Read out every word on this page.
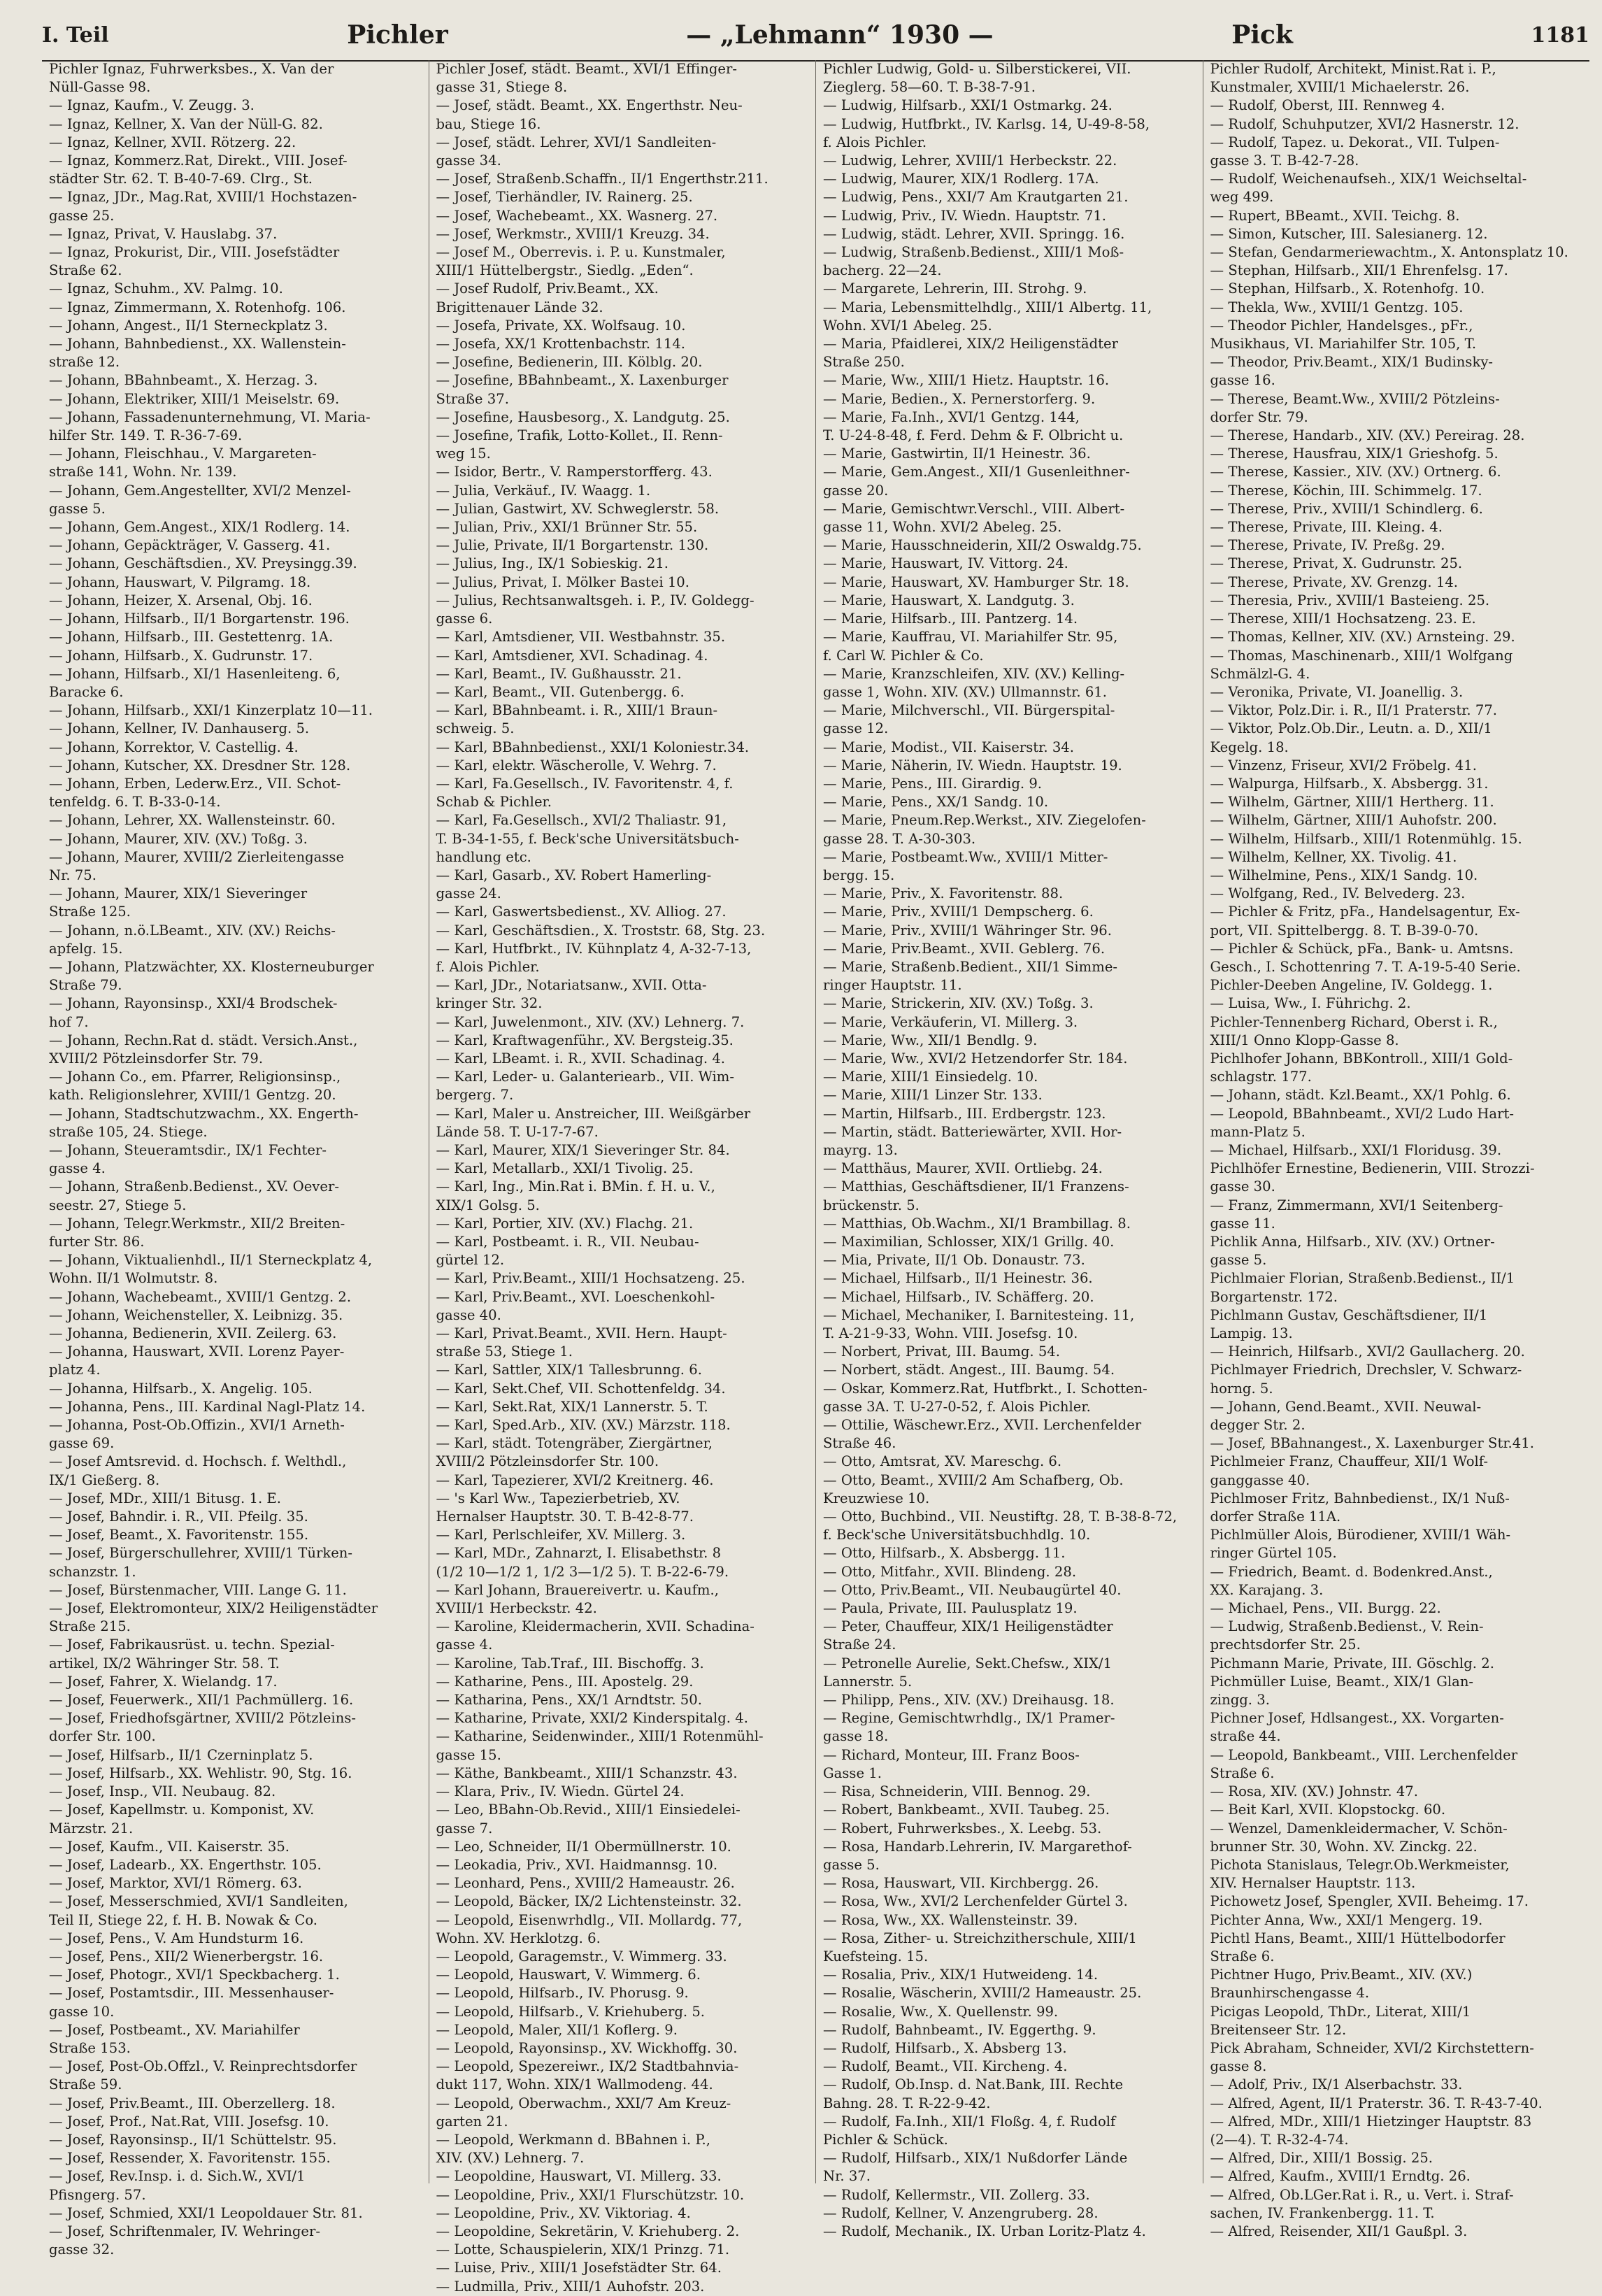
I. Teil	Pichler	— „Lehmann“ 1930 —	Pick	1181
Pichler Ignaz, Fuhrwerksbes., X. Van der
Nüll-Gasse 98.
— Ignaz, Kaufm., V. Zeugg. 3.
— Ignaz, Kellner, X. Van der Nüll-G. 82.
— Ignaz, Kellner, XVII. Rötzerg. 22.
— Ignaz, Kommerz.Rat, Direkt., VIII. Josef-
städter Str. 62. T. B-40-7-69. Clrg., St.
— Ignaz, JDr., Mag.Rat, XVIII/1 Hochstazen-
gasse 25.
— Ignaz, Privat, V. Hauslabg. 37.
— Ignaz, Prokurist, Dir., VIII. Josefstädter
Straße 62.
— Ignaz, Schuhm., XV. Palmg. 10.
— Ignaz, Zimmermann, X. Rotenhofg. 106.
— Johann, Angest., II/1 Sterneckplatz 3.
— Johann, Bahnbedienst., XX. Wallenstein-
straße 12.
— Johann, BBahnbeamt., X. Herzag. 3.
— Johann, Elektriker, XIII/1 Meiselstr. 69.
— Johann, Fassadenunternehmung, VI. Maria-
hilfer Str. 149. T. R-36-7-69.
— Johann, Fleischhau., V. Margareten-
straße 141, Wohn. Nr. 139.
— Johann, Gem.Angestellter, XVI/2 Menzel-
gasse 5.
— Johann, Gem.Angest., XIX/1 Rodlerg. 14.
— Johann, Gepäckträger, V. Gasserg. 41.
— Johann, Geschäftsdien., XV. Preysingg.39.
— Johann, Hauswart, V. Pilgramg. 18.
— Johann, Heizer, X. Arsenal, Obj. 16.
— Johann, Hilfsarb., II/1 Borgartenstr. 196.
— Johann, Hilfsarb., III. Gestettenrg. 1A.
— Johann, Hilfsarb., X. Gudrunstr. 17.
— Johann, Hilfsarb., XI/1 Hasenleiteng. 6,
Baracke 6.
— Johann, Hilfsarb., XXI/1 Kinzerplatz 10—11.
— Johann, Kellner, IV. Danhauserg. 5.
— Johann, Korrektor, V. Castellig. 4.
— Johann, Kutscher, XX. Dresdner Str. 128.
— Johann, Erben, Lederw.Erz., VII. Schot-
tenfeldg. 6. T. B-33-0-14.
— Johann, Lehrer, XX. Wallensteinstr. 60.
— Johann, Maurer, XIV. (XV.) Toßg. 3.
— Johann, Maurer, XVIII/2 Zierleitengasse
Nr. 75.
— Johann, Maurer, XIX/1 Sieveringer
Straße 125.
— Johann, n.ö.LBeamt., XIV. (XV.) Reichs-
apfelg. 15.
— Johann, Platzwächter, XX. Klosterneuburger
Straße 79.
— Johann, Rayonsinsp., XXI/4 Brodschek-
hof 7.
— Johann, Rechn.Rat d. städt. Versich.Anst.,
XVIII/2 Pötzleinsdorfer Str. 79.
— Johann Co., em. Pfarrer, Religionsinsp.,
kath. Religionslehrer, XVIII/1 Gentzg. 20.
— Johann, Stadtschutzwachm., XX. Engerth-
straße 105, 24. Stiege.
— Johann, Steueramtsdir., IX/1 Fechter-
gasse 4.
— Johann, Straßenb.Bedienst., XV. Oever-
seestr. 27, Stiege 5.
— Johann, Telegr.Werkmstr., XII/2 Breiten-
furter Str. 86.
— Johann, Viktualienhdl., II/1 Sterneckplatz 4,
Wohn. II/1 Wolmutstr. 8.
— Johann, Wachebeamt., XVIII/1 Gentzg. 2.
— Johann, Weichensteller, X. Leibnizg. 35.
— Johanna, Bedienerin, XVII. Zeilerg. 63.
— Johanna, Hauswart, XVII. Lorenz Payer-
platz 4.
— Johanna, Hilfsarb., X. Angelig. 105.
— Johanna, Pens., III. Kardinal Nagl-Platz 14.
— Johanna, Post-Ob.Offizin., XVI/1 Arneth-
gasse 69.
— Josef Amtsrevid. d. Hochsch. f. Welthdl.,
IX/1 Gießerg. 8.
— Josef, MDr., XIII/1 Bitusg. 1. E.
— Josef, Bahndir. i. R., VII. Pfeilg. 35.
— Josef, Beamt., X. Favoritenstr. 155.
— Josef, Bürgerschullehrer, XVIII/1 Türken-
schanzstr. 1.
— Josef, Bürstenmacher, VIII. Lange G. 11.
— Josef, Elektromonteur, XIX/2 Heiligenstädter
Straße 215.
— Josef, Fabrikausrüst. u. techn. Spezial-
artikel, IX/2 Währinger Str. 58. T.
— Josef, Fahrer, X. Wielandg. 17.
— Josef, Feuerwerk., XII/1 Pachmüllerg. 16.
— Josef, Friedhofsgärtner, XVIII/2 Pötzleins-
dorfer Str. 100.
— Josef, Hilfsarb., II/1 Czerninplatz 5.
— Josef, Hilfsarb., XX. Wehlistr. 90, Stg. 16.
— Josef, Insp., VII. Neubaug. 82.
— Josef, Kapellmstr. u. Komponist, XV.
Märzstr. 21.
— Josef, Kaufm., VII. Kaiserstr. 35.
— Josef, Ladearb., XX. Engerthstr. 105.
— Josef, Marktor, XVI/1 Römerg. 63.
— Josef, Messerschmied, XVI/1 Sandleiten,
Teil II, Stiege 22, f. H. B. Nowak & Co.
— Josef, Pens., V. Am Hundsturm 16.
— Josef, Pens., XII/2 Wienerbergstr. 16.
— Josef, Photogr., XVI/1 Speckbacherg. 1.
— Josef, Postamtsdir., III. Messenhauser-
gasse 10.
— Josef, Postbeamt., XV. Mariahilfer
Straße 153.
— Josef, Post-Ob.Offzl., V. Reinprechtsdorfer
Straße 59.
— Josef, Priv.Beamt., III. Oberzellerg. 18.
— Josef, Prof., Nat.Rat, VIII. Josefsg. 10.
— Josef, Rayonsinsp., II/1 Schüttelstr. 95.
— Josef, Ressender, X. Favoritenstr. 155.
— Josef, Rev.Insp. i. d. Sich.W., XVI/1
Pfisngerg. 57.
— Josef, Schmied, XXI/1 Leopoldauer Str. 81.
— Josef, Schriftenmaler, IV. Wehringer-
gasse 32.
Pichler Josef, städt. Beamt., XVI/1 Effinger-
gasse 31, Stiege 8.
— Josef, städt. Beamt., XX. Engerthstr. Neu-
bau, Stiege 16.
— Josef, städt. Lehrer, XVI/1 Sandleiten-
gasse 34.
— Josef, Straßenb.Schaffn., II/1 Engerthstr.211.
— Josef, Tierhändler, IV. Rainerg. 25.
— Josef, Wachebeamt., XX. Wasnerg. 27.
— Josef, Werkmstr., XVIII/1 Kreuzg. 34.
— Josef M., Oberrevis. i. P. u. Kunstmaler,
XIII/1 Hüttelbergstr., Siedlg. „Eden“.
— Josef Rudolf, Priv.Beamt., XX.
Brigittenauer Lände 32.
— Josefa, Private, XX. Wolfsaug. 10.
— Josefa, XX/1 Krottenbachstr. 114.
— Josefine, Bedienerin, III. Kölblg. 20.
— Josefine, BBahnbeamt., X. Laxenburger
Straße 37.
— Josefine, Hausbesorg., X. Landgutg. 25.
— Josefine, Trafik, Lotto-Kollet., II. Renn-
weg 15.
— Isidor, Bertr., V. Ramperstorfferg. 43.
— Julia, Verkäuf., IV. Waagg. 1.
— Julian, Gastwirt, XV. Schweglerstr. 58.
— Julian, Priv., XXI/1 Brünner Str. 55.
— Julie, Private, II/1 Borgartenstr. 130.
— Julius, Ing., IX/1 Sobieskig. 21.
— Julius, Privat, I. Mölker Bastei 10.
— Julius, Rechtsanwaltsgeh. i. P., IV. Goldegg-
gasse 6.
— Karl, Amtsdiener, VII. Westbahnstr. 35.
— Karl, Amtsdiener, XVI. Schadinag. 4.
— Karl, Beamt., IV. Gußhausstr. 21.
— Karl, Beamt., VII. Gutenbergg. 6.
— Karl, BBahnbeamt. i. R., XIII/1 Braun-
schweig. 5.
— Karl, BBahnbedienst., XXI/1 Koloniestr.34.
— Karl, elektr. Wäscherolle, V. Wehrg. 7.
— Karl, Fa.Gesellsch., IV. Favoritenstr. 4, f.
Schab & Pichler.
— Karl, Fa.Gesellsch., XVI/2 Thaliastr. 91,
T. B-34-1-55, f. Beck'sche Universitätsbuch-
handlung etc.
— Karl, Gasarb., XV. Robert Hamerling-
gasse 24.
— Karl, Gaswertsbedienst., XV. Alliog. 27.
— Karl, Geschäftsdien., X. Troststr. 68, Stg. 23.
— Karl, Hutfbrkt., IV. Kühnplatz 4, A-32-7-13,
f. Alois Pichler.
— Karl, JDr., Notariatsanw., XVII. Otta-
kringer Str. 32.
— Karl, Juwelenmont., XIV. (XV.) Lehnerg. 7.
— Karl, Kraftwagenführ., XV. Bergsteig.35.
— Karl, LBeamt. i. R., XVII. Schadinag. 4.
— Karl, Leder- u. Galanteriearb., VII. Wim-
bergerg. 7.
— Karl, Maler u. Anstreicher, III. Weißgärber
Lände 58. T. U-17-7-67.
— Karl, Maurer, XIX/1 Sieveringer Str. 84.
— Karl, Metallarb., XXI/1 Tivolig. 25.
— Karl, Ing., Min.Rat i. BMin. f. H. u. V.,
XIX/1 Golsg. 5.
— Karl, Portier, XIV. (XV.) Flachg. 21.
— Karl, Postbeamt. i. R., VII. Neubau-
gürtel 12.
— Karl, Priv.Beamt., XIII/1 Hochsatzeng. 25.
— Karl, Priv.Beamt., XVI. Loeschenkohl-
gasse 40.
— Karl, Privat.Beamt., XVII. Hern. Haupt-
straße 53, Stiege 1.
— Karl, Sattler, XIX/1 Tallesbrunng. 6.
— Karl, Sekt.Chef, VII. Schottenfeldg. 34.
— Karl, Sekt.Rat, XIX/1 Lannerstr. 5. T.
— Karl, Sped.Arb., XIV. (XV.) Märzstr. 118.
— Karl, städt. Totengräber, Ziergärtner,
XVIII/2 Pötzleinsdorfer Str. 100.
— Karl, Tapezierer, XVI/2 Kreitnerg. 46.
— 's Karl Ww., Tapezierbetrieb, XV.
Hernalser Hauptstr. 30. T. B-42-8-77.
— Karl, Perlschleifer, XV. Millerg. 3.
— Karl, MDr., Zahnarzt, I. Elisabethstr. 8
(1/2 10—1/2 1, 1/2 3—1/2 5). T. B-22-6-79.
— Karl Johann, Brauereivertr. u. Kaufm.,
XVIII/1 Herbeckstr. 42.
— Karoline, Kleidermacherin, XVII. Schadina-
gasse 4.
— Karoline, Tab.Traf., III. Bischoffg. 3.
— Katharine, Pens., III. Apostelg. 29.
— Katharina, Pens., XX/1 Arndtstr. 50.
— Katharine, Private, XXI/2 Kinderspitalg. 4.
— Katharine, Seidenwinder., XIII/1 Rotenmühl-
gasse 15.
— Käthe, Bankbeamt., XIII/1 Schanzstr. 43.
— Klara, Priv., IV. Wiedn. Gürtel 24.
— Leo, BBahn-Ob.Revid., XIII/1 Einsiedelei-
gasse 7.
— Leo, Schneider, II/1 Obermüllnerstr. 10.
— Leokadia, Priv., XVI. Haidmannsg. 10.
— Leonhard, Pens., XVIII/2 Hameaustr. 26.
— Leopold, Bäcker, IX/2 Lichtensteinstr. 32.
— Leopold, Eisenwrhdlg., VII. Mollardg. 77,
Wohn. XV. Herklotzg. 6.
— Leopold, Garagemstr., V. Wimmerg. 33.
— Leopold, Hauswart, V. Wimmerg. 6.
— Leopold, Hilfsarb., IV. Phorusg. 9.
— Leopold, Hilfsarb., V. Kriehuberg. 5.
— Leopold, Maler, XII/1 Koflerg. 9.
— Leopold, Rayonsinsp., XV. Wickhoffg. 30.
— Leopold, Spezereiwr., IX/2 Stadtbahnvia-
dukt 117, Wohn. XIX/1 Wallmodeng. 44.
— Leopold, Oberwachm., XXI/7 Am Kreuz-
garten 21.
— Leopold, Werkmann d. BBahnen i. P.,
XIV. (XV.) Lehnerg. 7.
— Leopoldine, Hauswart, VI. Millerg. 33.
— Leopoldine, Priv., XXI/1 Flurschützstr. 10.
— Leopoldine, Priv., XV. Viktoriag. 4.
— Leopoldine, Sekretärin, V. Kriehuberg. 2.
— Lotte, Schauspielerin, XIX/1 Prinzg. 71.
— Luise, Priv., XIII/1 Josefstädter Str. 64.
— Ludmilla, Priv., XIII/1 Auhofstr. 203.
Pichler Ludwig, Gold- u. Silberstickerei, VII.
Zieglerg. 58—60. T. B-38-7-91.
— Ludwig, Hilfsarb., XXI/1 Ostmarkg. 24.
— Ludwig, Hutfbrkt., IV. Karlsg. 14, U-49-8-58,
f. Alois Pichler.
— Ludwig, Lehrer, XVIII/1 Herbeckstr. 22.
— Ludwig, Maurer, XIX/1 Rodlerg. 17A.
— Ludwig, Pens., XXI/7 Am Krautgarten 21.
— Ludwig, Priv., IV. Wiedn. Hauptstr. 71.
— Ludwig, städt. Lehrer, XVII. Springg. 16.
— Ludwig, Straßenb.Bedienst., XIII/1 Moß-
bacherg. 22—24.
— Margarete, Lehrerin, III. Strohg. 9.
— Maria, Lebensmittelhdlg., XIII/1 Albertg. 11,
Wohn. XVI/1 Abeleg. 25.
— Maria, Pfaidlerei, XIX/2 Heiligenstädter
Straße 250.
— Marie, Ww., XIII/1 Hietz. Hauptstr. 16.
— Marie, Bedien., X. Pernerstorferg. 9.
— Marie, Fa.Inh., XVI/1 Gentzg. 144,
T. U-24-8-48, f. Ferd. Dehm & F. Olbricht u.
— Marie, Gastwirtin, II/1 Heinestr. 36.
— Marie, Gem.Angest., XII/1 Gusenleithner-
gasse 20.
— Marie, Gemischtwr.Verschl., VIII. Albert-
gasse 11, Wohn. XVI/2 Abeleg. 25.
— Marie, Hausschneiderin, XII/2 Oswaldg.75.
— Marie, Hauswart, IV. Vittorg. 24.
— Marie, Hauswart, XV. Hamburger Str. 18.
— Marie, Hauswart, X. Landgutg. 3.
— Marie, Hilfsarb., III. Pantzerg. 14.
— Marie, Kauffrau, VI. Mariahilfer Str. 95,
f. Carl W. Pichler & Co.
— Marie, Kranzschleifen, XIV. (XV.) Kelling-
gasse 1, Wohn. XIV. (XV.) Ullmannstr. 61.
— Marie, Milchverschl., VII. Bürgerspital-
gasse 12.
— Marie, Modist., VII. Kaiserstr. 34.
— Marie, Näherin, IV. Wiedn. Hauptstr. 19.
— Marie, Pens., III. Girardig. 9.
— Marie, Pens., XX/1 Sandg. 10.
— Marie, Pneum.Rep.Werkst., XIV. Ziegelofen-
gasse 28. T. A-30-303.
— Marie, Postbeamt.Ww., XVIII/1 Mitter-
bergg. 15.
— Marie, Priv., X. Favoritenstr. 88.
— Marie, Priv., XVIII/1 Dempscherg. 6.
— Marie, Priv., XVIII/1 Währinger Str. 96.
— Marie, Priv.Beamt., XVII. Geblerg. 76.
— Marie, Straßenb.Bedient., XII/1 Simme-
ringer Hauptstr. 11.
— Marie, Strickerin, XIV. (XV.) Toßg. 3.
— Marie, Verkäuferin, VI. Millerg. 3.
— Marie, Ww., XII/1 Bendlg. 9.
— Marie, Ww., XVI/2 Hetzendorfer Str. 184.
— Marie, XIII/1 Einsiedelg. 10.
— Marie, XIII/1 Linzer Str. 133.
— Martin, Hilfsarb., III. Erdbergstr. 123.
— Martin, städt. Batteriewärter, XVII. Hor-
mayrg. 13.
— Matthäus, Maurer, XVII. Ortliebg. 24.
— Matthias, Geschäftsdiener, II/1 Franzens-
brückenstr. 5.
— Matthias, Ob.Wachm., XI/1 Brambillag. 8.
— Maximilian, Schlosser, XIX/1 Grillg. 40.
— Mia, Private, II/1 Ob. Donaustr. 73.
— Michael, Hilfsarb., II/1 Heinestr. 36.
— Michael, Hilfsarb., IV. Schäfferg. 20.
— Michael, Mechaniker, I. Barnitesteing. 11,
T. A-21-9-33, Wohn. VIII. Josefsg. 10.
— Norbert, Privat, III. Baumg. 54.
— Norbert, städt. Angest., III. Baumg. 54.
— Oskar, Kommerz.Rat, Hutfbrkt., I. Schotten-
gasse 3A. T. U-27-0-52, f. Alois Pichler.
— Ottilie, Wäschewr.Erz., XVII. Lerchenfelder
Straße 46.
— Otto, Amtsrat, XV. Mareschg. 6.
— Otto, Beamt., XVIII/2 Am Schafberg, Ob.
Kreuzwiese 10.
— Otto, Buchbind., VII. Neustiftg. 28, T. B-38-8-72,
f. Beck'sche Universitätsbuchhdlg. 10.
— Otto, Hilfsarb., X. Absbergg. 11.
— Otto, Mitfahr., XVII. Blindeng. 28.
— Otto, Priv.Beamt., VII. Neubaugürtel 40.
— Paula, Private, III. Paulusplatz 19.
— Peter, Chauffeur, XIX/1 Heiligenstädter
Straße 24.
— Petronelle Aurelie, Sekt.Chefsw., XIX/1
Lannerstr. 5.
— Philipp, Pens., XIV. (XV.) Dreihausg. 18.
— Regine, Gemischtwrhdlg., IX/1 Pramer-
gasse 18.
— Richard, Monteur, III. Franz Boos-
Gasse 1.
— Risa, Schneiderin, VIII. Bennog. 29.
— Robert, Bankbeamt., XVII. Taubeg. 25.
— Robert, Fuhrwerksbes., X. Leebg. 53.
— Rosa, Handarb.Lehrerin, IV. Margarethof-
gasse 5.
— Rosa, Hauswart, VII. Kirchbergg. 26.
— Rosa, Ww., XVI/2 Lerchenfelder Gürtel 3.
— Rosa, Ww., XX. Wallensteinstr. 39.
— Rosa, Zither- u. Streichzitherschule, XIII/1
Kuefsteing. 15.
— Rosalia, Priv., XIX/1 Hutweideng. 14.
— Rosalie, Wäscherin, XVIII/2 Hameaustr. 25.
— Rosalie, Ww., X. Quellenstr. 99.
— Rudolf, Bahnbeamt., IV. Eggerthg. 9.
— Rudolf, Hilfsarb., X. Absberg 13.
— Rudolf, Beamt., VII. Kircheng. 4.
— Rudolf, Ob.Insp. d. Nat.Bank, III. Rechte
Bahng. 28. T. R-22-9-42.
— Rudolf, Fa.Inh., XII/1 Floßg. 4, f. Rudolf
Pichler & Schück.
— Rudolf, Hilfsarb., XIX/1 Nußdorfer Lände
Nr. 37.
— Rudolf, Kellermstr., VII. Zollerg. 33.
— Rudolf, Kellner, V. Anzengruberg. 28.
— Rudolf, Mechanik., IX. Urban Loritz-Platz 4.
Pichler Rudolf, Architekt, Minist.Rat i. P.,
Kunstmaler, XVIII/1 Michaelerstr. 26.
— Rudolf, Oberst, III. Rennweg 4.
— Rudolf, Schuhputzer, XVI/2 Hasnerstr. 12.
— Rudolf, Tapez. u. Dekorat., VII. Tulpen-
gasse 3. T. B-42-7-28.
— Rudolf, Weichenaufseh., XIX/1 Weichseltal-
weg 499.
— Rupert, BBeamt., XVII. Teichg. 8.
— Simon, Kutscher, III. Salesianerg. 12.
— Stefan, Gendarmeriewachtm., X. Antonsplatz 10.
— Stephan, Hilfsarb., XII/1 Ehrenfelsg. 17.
— Stephan, Hilfsarb., X. Rotenhofg. 10.
— Thekla, Ww., XVIII/1 Gentzg. 105.
— Theodor Pichler, Handelsges., pFr.,
Musikhaus, VI. Mariahilfer Str. 105, T.
— Theodor, Priv.Beamt., XIX/1 Budinsky-
gasse 16.
— Therese, Beamt.Ww., XVIII/2 Pötzleins-
dorfer Str. 79.
— Therese, Handarb., XIV. (XV.) Pereirag. 28.
— Therese, Hausfrau, XIX/1 Grieshofg. 5.
— Therese, Kassier., XIV. (XV.) Ortnerg. 6.
— Therese, Köchin, III. Schimmelg. 17.
— Therese, Priv., XVIII/1 Schindlerg. 6.
— Therese, Private, III. Kleing. 4.
— Therese, Private, IV. Preßg. 29.
— Therese, Privat, X. Gudrunstr. 25.
— Therese, Private, XV. Grenzg. 14.
— Theresia, Priv., XVIII/1 Basteieng. 25.
— Therese, XIII/1 Hochsatzeng. 23. E.
— Thomas, Kellner, XIV. (XV.) Arnsteing. 29.
— Thomas, Maschinenarb., XIII/1 Wolfgang
Schmälzl-G. 4.
— Veronika, Private, VI. Joanellig. 3.
— Viktor, Polz.Dir. i. R., II/1 Praterstr. 77.
— Viktor, Polz.Ob.Dir., Leutn. a. D., XII/1
Kegelg. 18.
— Vinzenz, Friseur, XVI/2 Fröbelg. 41.
— Walpurga, Hilfsarb., X. Absbergg. 31.
— Wilhelm, Gärtner, XIII/1 Hertherg. 11.
— Wilhelm, Gärtner, XIII/1 Auhofstr. 200.
— Wilhelm, Hilfsarb., XIII/1 Rotenmühlg. 15.
— Wilhelm, Kellner, XX. Tivolig. 41.
— Wilhelmine, Pens., XIX/1 Sandg. 10.
— Wolfgang, Red., IV. Belvederg. 23.
— Pichler & Fritz, pFa., Handelsagentur, Ex-
port, VII. Spittelbergg. 8. T. B-39-0-70.
— Pichler & Schück, pFa., Bank- u. Amtsns.
Gesch., I. Schottenring 7. T. A-19-5-40 Serie.
Pichler-Deeben Angeline, IV. Goldegg. 1.
— Luisa, Ww., I. Führichg. 2.
Pichler-Tennenberg Richard, Oberst i. R.,
XIII/1 Onno Klopp-Gasse 8.
Pichlhofer Johann, BBKontroll., XIII/1 Gold-
schlagstr. 177.
— Johann, städt. Kzl.Beamt., XX/1 Pohlg. 6.
— Leopold, BBahnbeamt., XVI/2 Ludo Hart-
mann-Platz 5.
— Michael, Hilfsarb., XXI/1 Floridusg. 39.
Pichlhöfer Ernestine, Bedienerin, VIII. Strozzi-
gasse 30.
— Franz, Zimmermann, XVI/1 Seitenberg-
gasse 11.
Pichlik Anna, Hilfsarb., XIV. (XV.) Ortner-
gasse 5.
Pichlmaier Florian, Straßenb.Bedienst., II/1
Borgartenstr. 172.
Pichlmann Gustav, Geschäftsdiener, II/1
Lampig. 13.
— Heinrich, Hilfsarb., XVI/2 Gaullacherg. 20.
Pichlmayer Friedrich, Drechsler, V. Schwarz-
horng. 5.
— Johann, Gend.Beamt., XVII. Neuwal-
degger Str. 2.
— Josef, BBahnangest., X. Laxenburger Str.41.
Pichlmeier Franz, Chauffeur, XII/1 Wolf-
ganggasse 40.
Pichlmoser Fritz, Bahnbedienst., IX/1 Nuß-
dorfer Straße 11A.
Pichlmüller Alois, Bürodiener, XVIII/1 Wäh-
ringer Gürtel 105.
— Friedrich, Beamt. d. Bodenkred.Anst.,
XX. Karajang. 3.
— Michael, Pens., VII. Burgg. 22.
— Ludwig, Straßenb.Bedienst., V. Rein-
prechtsdorfer Str. 25.
Pichmann Marie, Private, III. Göschlg. 2.
Pichmüller Luise, Beamt., XIX/1 Glan-
zingg. 3.
Pichner Josef, Hdlsangest., XX. Vorgarten-
straße 44.
— Leopold, Bankbeamt., VIII. Lerchenfelder
Straße 6.
— Rosa, XIV. (XV.) Johnstr. 47.
— Beit Karl, XVII. Klopstockg. 60.
— Wenzel, Damenkleidermacher, V. Schön-
brunner Str. 30, Wohn. XV. Zinckg. 22.
Pichota Stanislaus, Telegr.Ob.Werkmeister,
XIV. Hernalser Hauptstr. 113.
Pichowetz Josef, Spengler, XVII. Beheimg. 17.
Pichter Anna, Ww., XXI/1 Mengerg. 19.
Pichtl Hans, Beamt., XIII/1 Hüttelbodorfer
Straße 6.
Pichtner Hugo, Priv.Beamt., XIV. (XV.)
Braunhirschengasse 4.
Picigas Leopold, ThDr., Literat, XIII/1
Breitenseer Str. 12.
Pick Abraham, Schneider, XVI/2 Kirchstettern-
gasse 8.
— Adolf, Priv., IX/1 Alserbachstr. 33.
— Alfred, Agent, II/1 Praterstr. 36. T. R-43-7-40.
— Alfred, MDr., XIII/1 Hietzinger Hauptstr. 83
(2—4). T. R-32-4-74.
— Alfred, Dir., XIII/1 Bossig. 25.
— Alfred, Kaufm., XVIII/1 Erndtg. 26.
— Alfred, Ob.LGer.Rat i. R., u. Vert. i. Straf-
sachen, IV. Frankenbergg. 11. T.
— Alfred, Reisender, XII/1 Gaußpl. 3.
